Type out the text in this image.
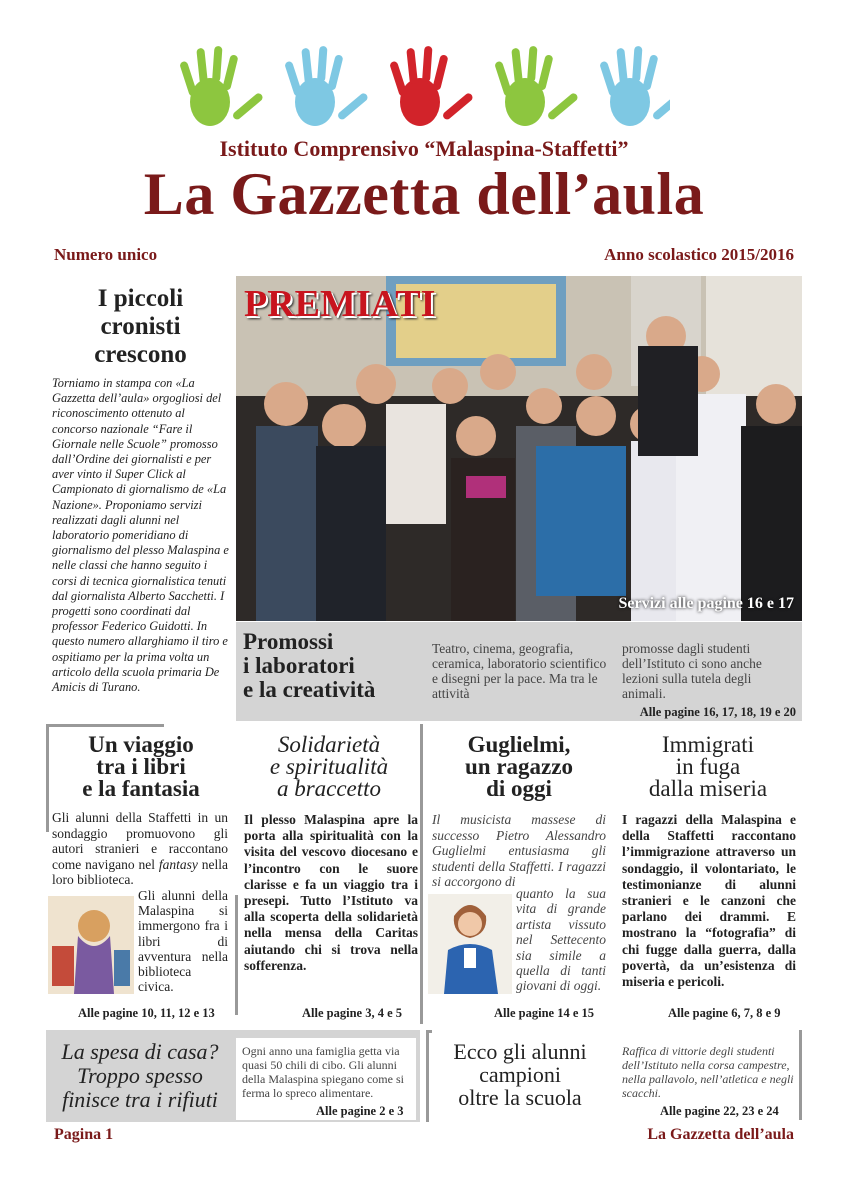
Istituto Comprensivo “Malaspina-Staffetti”
La Gazzetta dell’aula
Numero unico	Anno scolastico 2015/2016
I piccoli
cronisti
crescono
Torniamo in stampa con «La Gazzetta dell’aula» orgogliosi del riconoscimento ottenuto al concorso nazionale “Fare il Giornale nelle Scuole” promosso dall’Ordine dei giornalisti e per aver vinto il Super Click al Campionato di giornalismo de «La Nazione». Proponiamo servizi realizzati dagli alunni nel laboratorio pomeridiano di giornalismo del plesso Malaspina e nelle classi che hanno seguito i corsi di tecnica giornalistica tenuti dal giornalista Alberto Sacchetti. I progetti sono coordinati dal professor Federico Guidotti. In questo numero allarghiamo il tiro e ospitiamo per la prima volta un articolo della scuola primaria De Amicis di Turano.
PREMIATI
Servizi alle pagine 16 e 17
Promossi
i laboratori
e la creatività
Teatro, cinema, geografia, ceramica, laboratorio scientifico e disegni per la pace. Ma tra le attività
promosse dagli studenti dell’Istituto ci sono anche lezioni sulla tutela degli animali.
Alle pagine 16, 17, 18, 19 e 20
Un viaggio
tra i libri
e la fantasia
Gli alunni della Staffetti in un sondaggio promuovono gli autori stranieri e raccontano come navigano nel fantasy nella loro biblioteca.
Gli alunni della Malaspina si immergono fra i libri di avventura nella biblioteca civica.
Alle pagine 10, 11, 12 e 13
Solidarietà
e spiritualità
a braccetto
Il plesso Malaspina apre la porta alla spiritualità con la visita del vescovo diocesano e l’incontro con le suore clarisse e fa un viaggio tra i presepi. Tutto l’Istituto va alla scoperta della solidarietà nella mensa della Caritas aiutando chi si trova nella sofferenza.
Alle pagine 3, 4 e 5
Guglielmi,
un ragazzo
di oggi
Il musicista massese di successo Pietro Alessandro Guglielmi entusiasma gli studenti della Staffetti. I ragazzi si accorgono di
quanto la sua vita di grande artista vissuto nel Settecento sia simile a quella di tanti giovani di oggi.
Alle pagine 14 e 15
Immigrati
in fuga
dalla miseria
I ragazzi della Malaspina e della Staffetti raccontano l’immigrazione attraverso un sondaggio, il volontariato, le testimonianze di alunni stranieri e le canzoni che parlano dei drammi. E mostrano la “fotografia” di chi fugge dalla guerra, dalla povertà, da un’esistenza di miseria e pericoli.
Alle pagine 6, 7, 8 e 9
La spesa di casa?
Troppo spesso
finisce tra i rifiuti
Ogni anno una famiglia getta via quasi 50 chili di cibo. Gli alunni della Malaspina spiegano come si ferma lo spreco alimentare.
Alle pagine 2 e 3
Ecco gli alunni
campioni
oltre la scuola
Raffica di vittorie degli studenti dell’Istituto nella corsa campestre, nella pallavolo, nell’atletica e negli scacchi.
Alle pagine 22, 23 e 24
Pagina 1	La Gazzetta dell’aula
